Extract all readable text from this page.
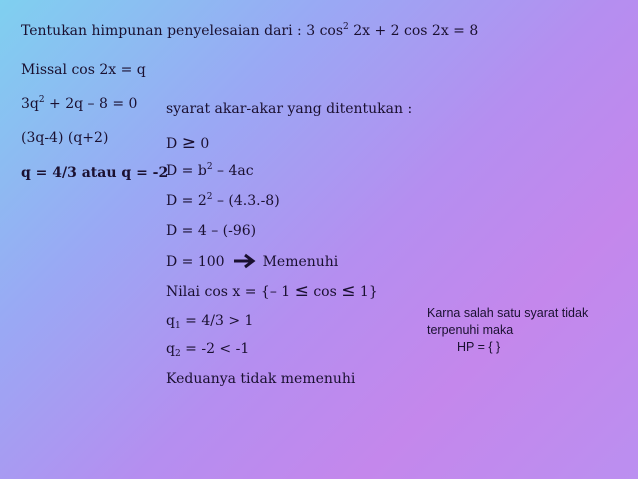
Tentukan himpunan penyelesaian dari : 3 $\cos^2 2x + 2$ cos 2x = 8
Missal cos 2x = q
$3q^2 + 2q - 8 = 0$
(3q-4) (q+2)
q = 4/3 atau q = -2
syarat akar-akar yang ditentukan :
D ≥ 0
$D = b^2 - 4ac$
$D = 2^2 - (4.3.-8)$
D = 4 – (-96)
D = 100	Memenuhi
Nilai cos x = {– 1 ≤ cos ≤ 1}
$q_1 = 4/3 > 1$
$q_2 = -2 < -1$
Keduanya tidak memenuhi
Karna salah satu syarat tidak
terpenuhi maka
HP = { }
